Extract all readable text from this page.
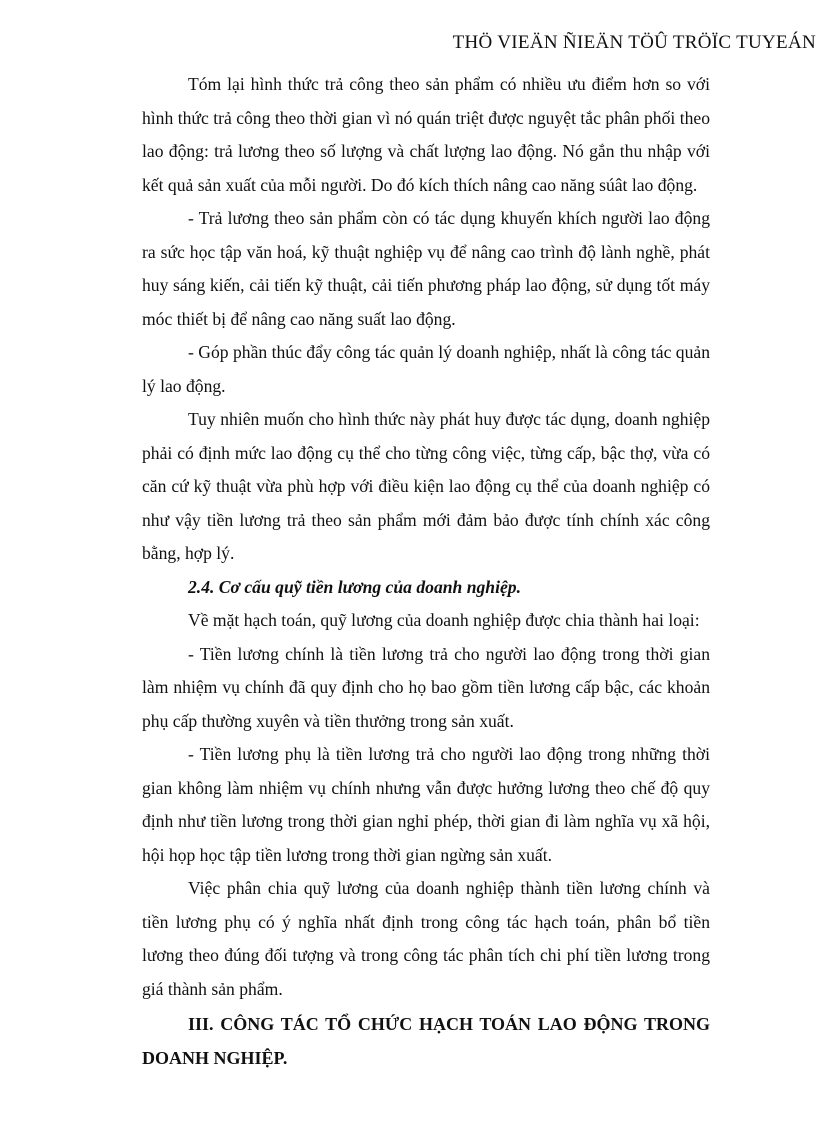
THÖ VIEÄN ÑIEÄN TÖÛ TRÖÏC TUYEÁN

Tóm lại hình thức trả công theo sản phẩm có nhiều ưu điểm hơn so với hình thức trả công theo thời gian vì nó quán triệt được nguyệt tắc phân phối theo lao động: trả lương theo số lượng và chất lượng lao động. Nó gắn thu nhập với kết quả sản xuất của mỗi người. Do đó kích thích nâng cao năng súât lao động.

- Trả lương theo sản phẩm còn có tác dụng khuyến khích người lao động ra sức học tập văn hoá, kỹ thuật nghiệp vụ để nâng cao trình độ lành nghề, phát huy sáng kiến, cải tiến kỹ thuật, cải tiến phương pháp lao động, sử dụng tốt máy móc thiết bị để nâng cao năng suất lao động.

- Góp phần thúc đẩy công tác quản lý doanh nghiệp, nhất là công tác quản lý lao động.

Tuy nhiên muốn cho hình thức này phát huy được tác dụng, doanh nghiệp phải có định mức lao động cụ thể cho từng công việc, từng cấp, bậc thợ, vừa có căn cứ kỹ thuật vừa phù hợp với điều kiện lao động cụ thể của doanh nghiệp có như vậy tiền lương trả theo sản phẩm mới đảm bảo được tính chính xác công bằng, hợp lý.

2.4. Cơ cấu quỹ tiền lương của doanh nghiệp.

Về mặt hạch toán, quỹ lương của doanh nghiệp được chia thành hai loại:

- Tiền lương chính là tiền lương trả cho người lao động trong thời gian làm nhiệm vụ chính đã quy định cho họ bao gồm tiền lương cấp bậc, các khoản phụ cấp thường xuyên và tiền thưởng trong sản xuất.

- Tiền lương phụ là tiền lương trả cho người lao động trong những thời gian không làm nhiệm vụ chính nhưng vẫn được hưởng lương theo chế độ quy định như tiền lương trong thời gian nghỉ phép, thời gian đi làm nghĩa vụ xã hội, hội họp học tập tiền lương trong thời gian ngừng sản xuất.

Việc phân chia quỹ lương của doanh nghiệp thành tiền lương chính và tiền lương phụ có ý nghĩa nhất định trong công tác hạch toán, phân bổ tiền lương theo đúng đối tượng và trong công tác phân tích chi phí tiền lương trong giá thành sản phẩm.

III. CÔNG TÁC TỔ CHỨC HẠCH TOÁN LAO ĐỘNG TRONG DOANH NGHIỆP.
